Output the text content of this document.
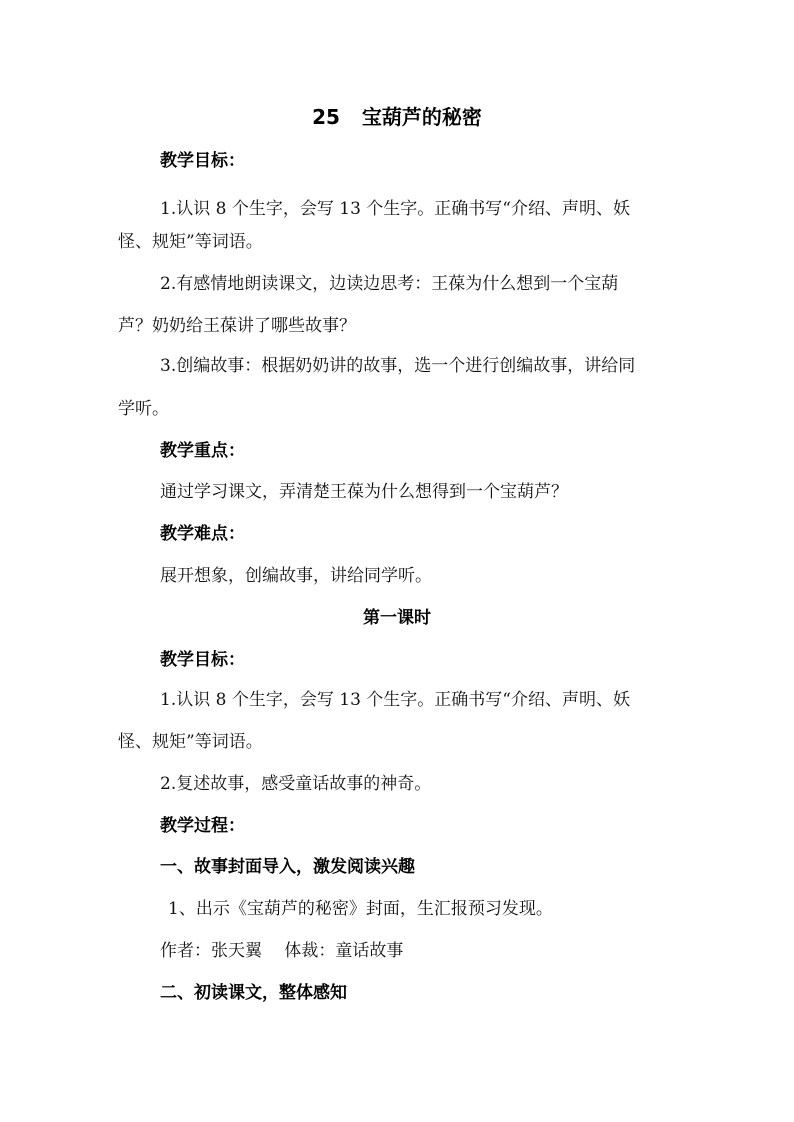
25 宝葫芦的秘密
教学目标：
1.认识 8 个生字，会写 13 个生字。正确书写“介绍、声明、妖
怪、规矩”等词语。
2.有感情地朗读课文，边读边思考：王葆为什么想到一个宝葫
芦？奶奶给王葆讲了哪些故事？
3.创编故事：根据奶奶讲的故事，选一个进行创编故事，讲给同
学听。
教学重点：
通过学习课文，弄清楚王葆为什么想得到一个宝葫芦？
教学难点：
展开想象，创编故事，讲给同学听。
第一课时
教学目标：
1.认识 8 个生字，会写 13 个生字。正确书写“介绍、声明、妖
怪、规矩”等词语。
2.复述故事，感受童话故事的神奇。
教学过程：
一、故事封面导入，激发阅读兴趣
1、出示《宝葫芦的秘密》封面，生汇报预习发现。
作者：张天翼　 体裁：童话故事
二、初读课文，整体感知
